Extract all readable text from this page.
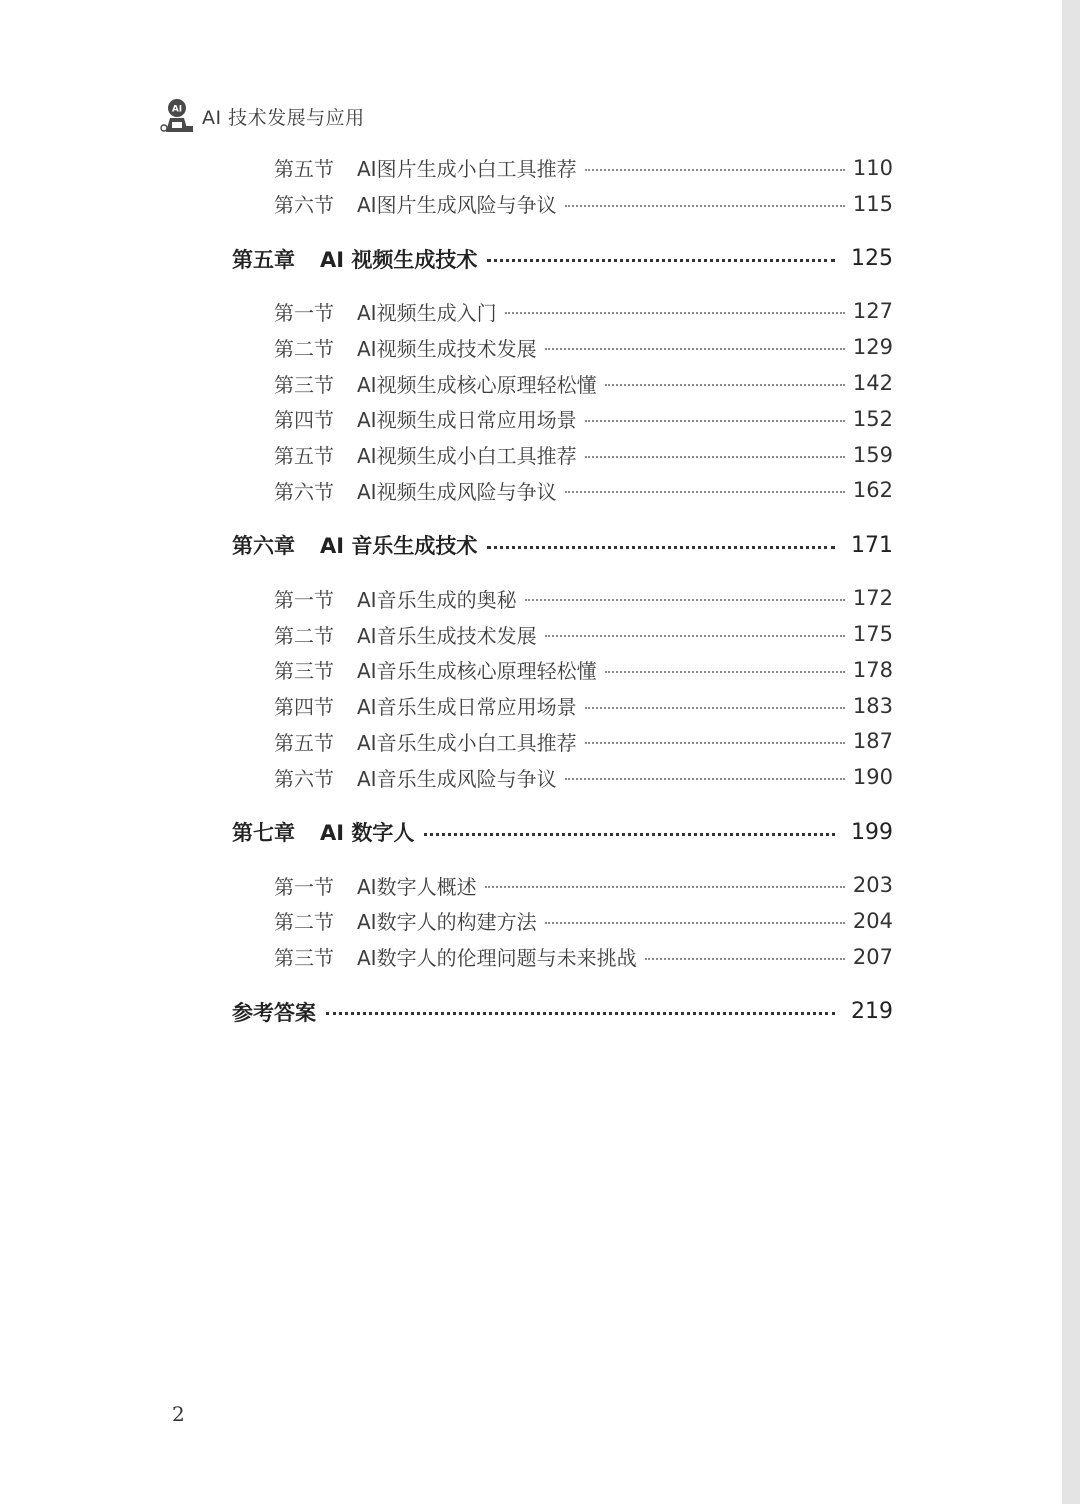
AI AI 技术发展与应用
第五节	AI图片生成小白工具推荐	110
第六节	AI图片生成风险与争议	115
第五章	AI 视频生成技术	125
第一节	AI视频生成入门	127
第二节	AI视频生成技术发展	129
第三节	AI视频生成核心原理轻松懂	142
第四节	AI视频生成日常应用场景	152
第五节	AI视频生成小白工具推荐	159
第六节	AI视频生成风险与争议	162
第六章	AI 音乐生成技术	171
第一节	AI音乐生成的奥秘	172
第二节	AI音乐生成技术发展	175
第三节	AI音乐生成核心原理轻松懂	178
第四节	AI音乐生成日常应用场景	183
第五节	AI音乐生成小白工具推荐	187
第六节	AI音乐生成风险与争议	190
第七章	AI 数字人	199
第一节	AI数字人概述	203
第二节	AI数字人的构建方法	204
第三节	AI数字人的伦理问题与未来挑战	207
参考答案	219
2
